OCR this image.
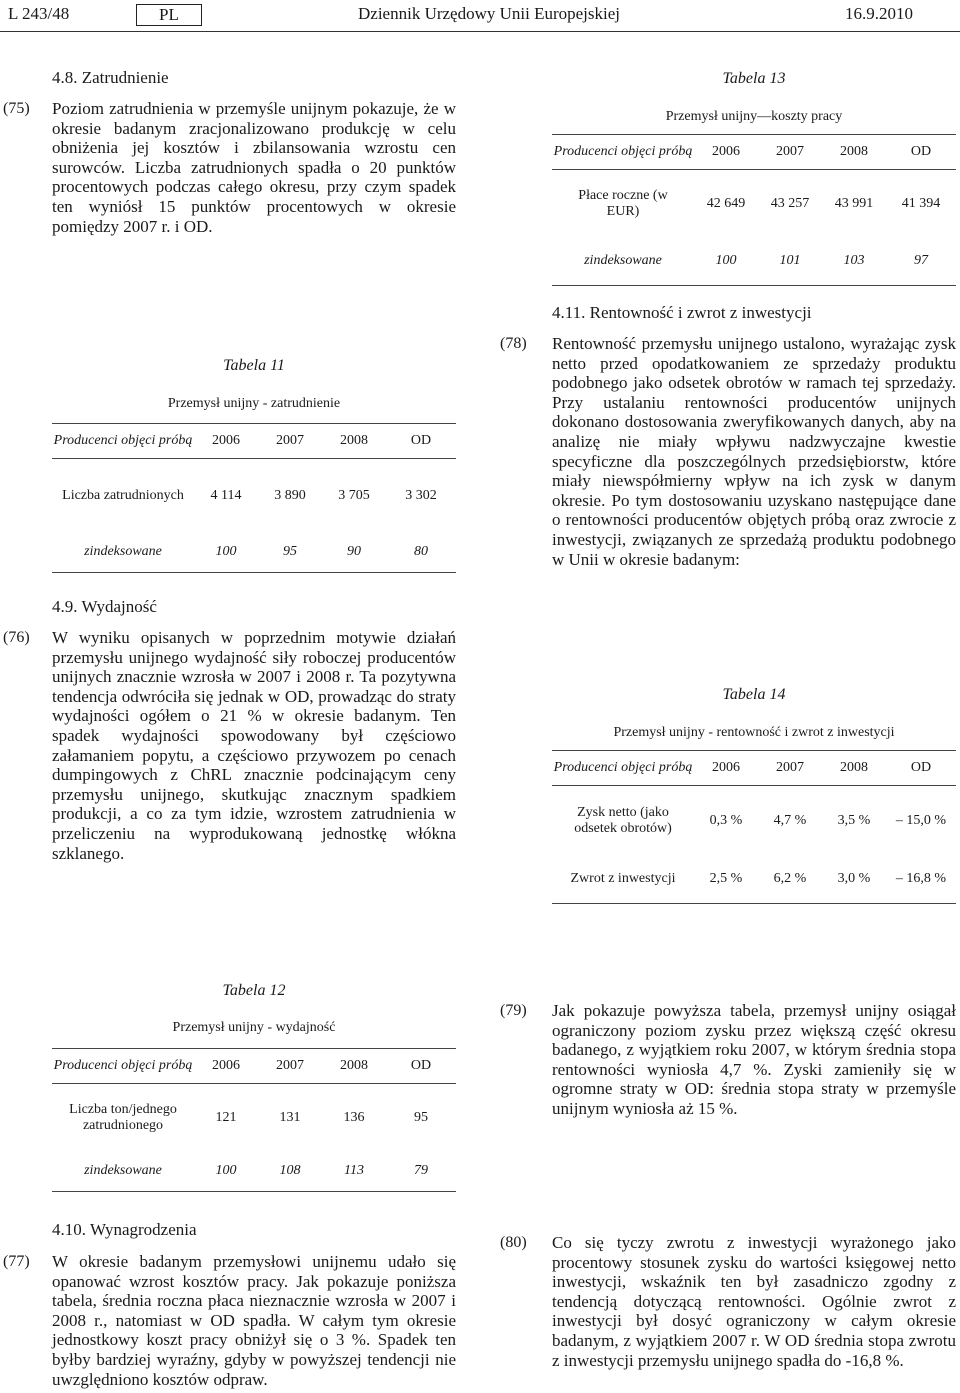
L 243/48	PL	Dziennik Urzędowy Unii Europejskiej	16.9.2010
4.8. Zatrudnienie
(75) Poziom zatrudnienia w przemyśle unijnym pokazuje, że w okresie badanym zracjonalizowano produkcję w celu obniżenia jej kosztów i zbilansowania wzrostu cen surowców. Liczba zatrudnionych spadła o 20 punktów procentowych podczas całego okresu, przy czym spadek ten wyniósł 15 punktów procentowych w okresie pomiędzy 2007 r. i OD.
Tabela 11
Przemysł unijny - zatrudnienie
Producenci objęci próbą	2006	2007	2008	OD
Liczba zatrudnionych	4 114	3 890	3 705	3 302
zindeksowane	100	95	90	80
4.9. Wydajność
(76) W wyniku opisanych w poprzednim motywie działań przemysłu unijnego wydajność siły roboczej producentów unijnych znacznie wzrosła w 2007 i 2008 r. Ta pozytywna tendencja odwróciła się jednak w OD, prowadząc do straty wydajności ogółem o 21 % w okresie badanym. Ten spadek wydajności spowodowany był częściowo załamaniem popytu, a częściowo przywozem po cenach dumpingowych z ChRL znacznie podcinającym ceny przemysłu unijnego, skutkując znacznym spadkiem produkcji, a co za tym idzie, wzrostem zatrudnienia w przeliczeniu na wyprodukowaną jednostkę włókna szklanego.
Tabela 12
Przemysł unijny - wydajność
Producenci objęci próbą	2006	2007	2008	OD
Liczba ton/jednego zatrudnionego	121	131	136	95
zindeksowane	100	108	113	79
4.10. Wynagrodzenia
(77) W okresie badanym przemysłowi unijnemu udało się opanować wzrost kosztów pracy. Jak pokazuje poniższa tabela, średnia roczna płaca nieznacznie wzrosła w 2007 i 2008 r., natomiast w OD spadła. W całym tym okresie jednostkowy koszt pracy obniżył się o 3 %. Spadek ten byłby bardziej wyraźny, gdyby w powyższej tendencji nie uwzględniono kosztów odpraw.
Tabela 13
Przemysł unijny—koszty pracy
Producenci objęci próbą	2006	2007	2008	OD
Płace roczne (w EUR)	42 649	43 257	43 991	41 394
zindeksowane	100	101	103	97
4.11. Rentowność i zwrot z inwestycji
(78) Rentowność przemysłu unijnego ustalono, wyrażając zysk netto przed opodatkowaniem ze sprzedaży produktu podobnego jako odsetek obrotów w ramach tej sprzedaży. Przy ustalaniu rentowności producentów unijnych dokonano dostosowania zweryfikowanych danych, aby na analizę nie miały wpływu nadzwyczajne kwestie specyficzne dla poszczególnych przedsiębiorstw, które miały niewspółmierny wpływ na ich zysk w danym okresie. Po tym dostosowaniu uzyskano następujące dane o rentowności producentów objętych próbą oraz zwrocie z inwestycji, związanych ze sprzedażą produktu podobnego w Unii w okresie badanym:
Tabela 14
Przemysł unijny - rentowność i zwrot z inwestycji
Producenci objęci próbą	2006	2007	2008	OD
Zysk netto (jako odsetek obrotów)	0,3 %	4,7 %	3,5 %	– 15,0 %
Zwrot z inwestycji	2,5 %	6,2 %	3,0 %	– 16,8 %
(79) Jak pokazuje powyższa tabela, przemysł unijny osiągał ograniczony poziom zysku przez większą część okresu badanego, z wyjątkiem roku 2007, w którym średnia stopa rentowności wyniosła 4,7 %. Zyski zamieniły się w ogromne straty w OD: średnia stopa straty w przemyśle unijnym wyniosła aż 15 %.
(80) Co się tyczy zwrotu z inwestycji wyrażonego jako procentowy stosunek zysku do wartości księgowej netto inwestycji, wskaźnik ten był zasadniczo zgodny z tendencją dotyczącą rentowności. Ogólnie zwrot z inwestycji był dosyć ograniczony w całym okresie badanym, z wyjątkiem 2007 r. W OD średnia stopa zwrotu z inwestycji przemysłu unijnego spadła do -16,8 %.
